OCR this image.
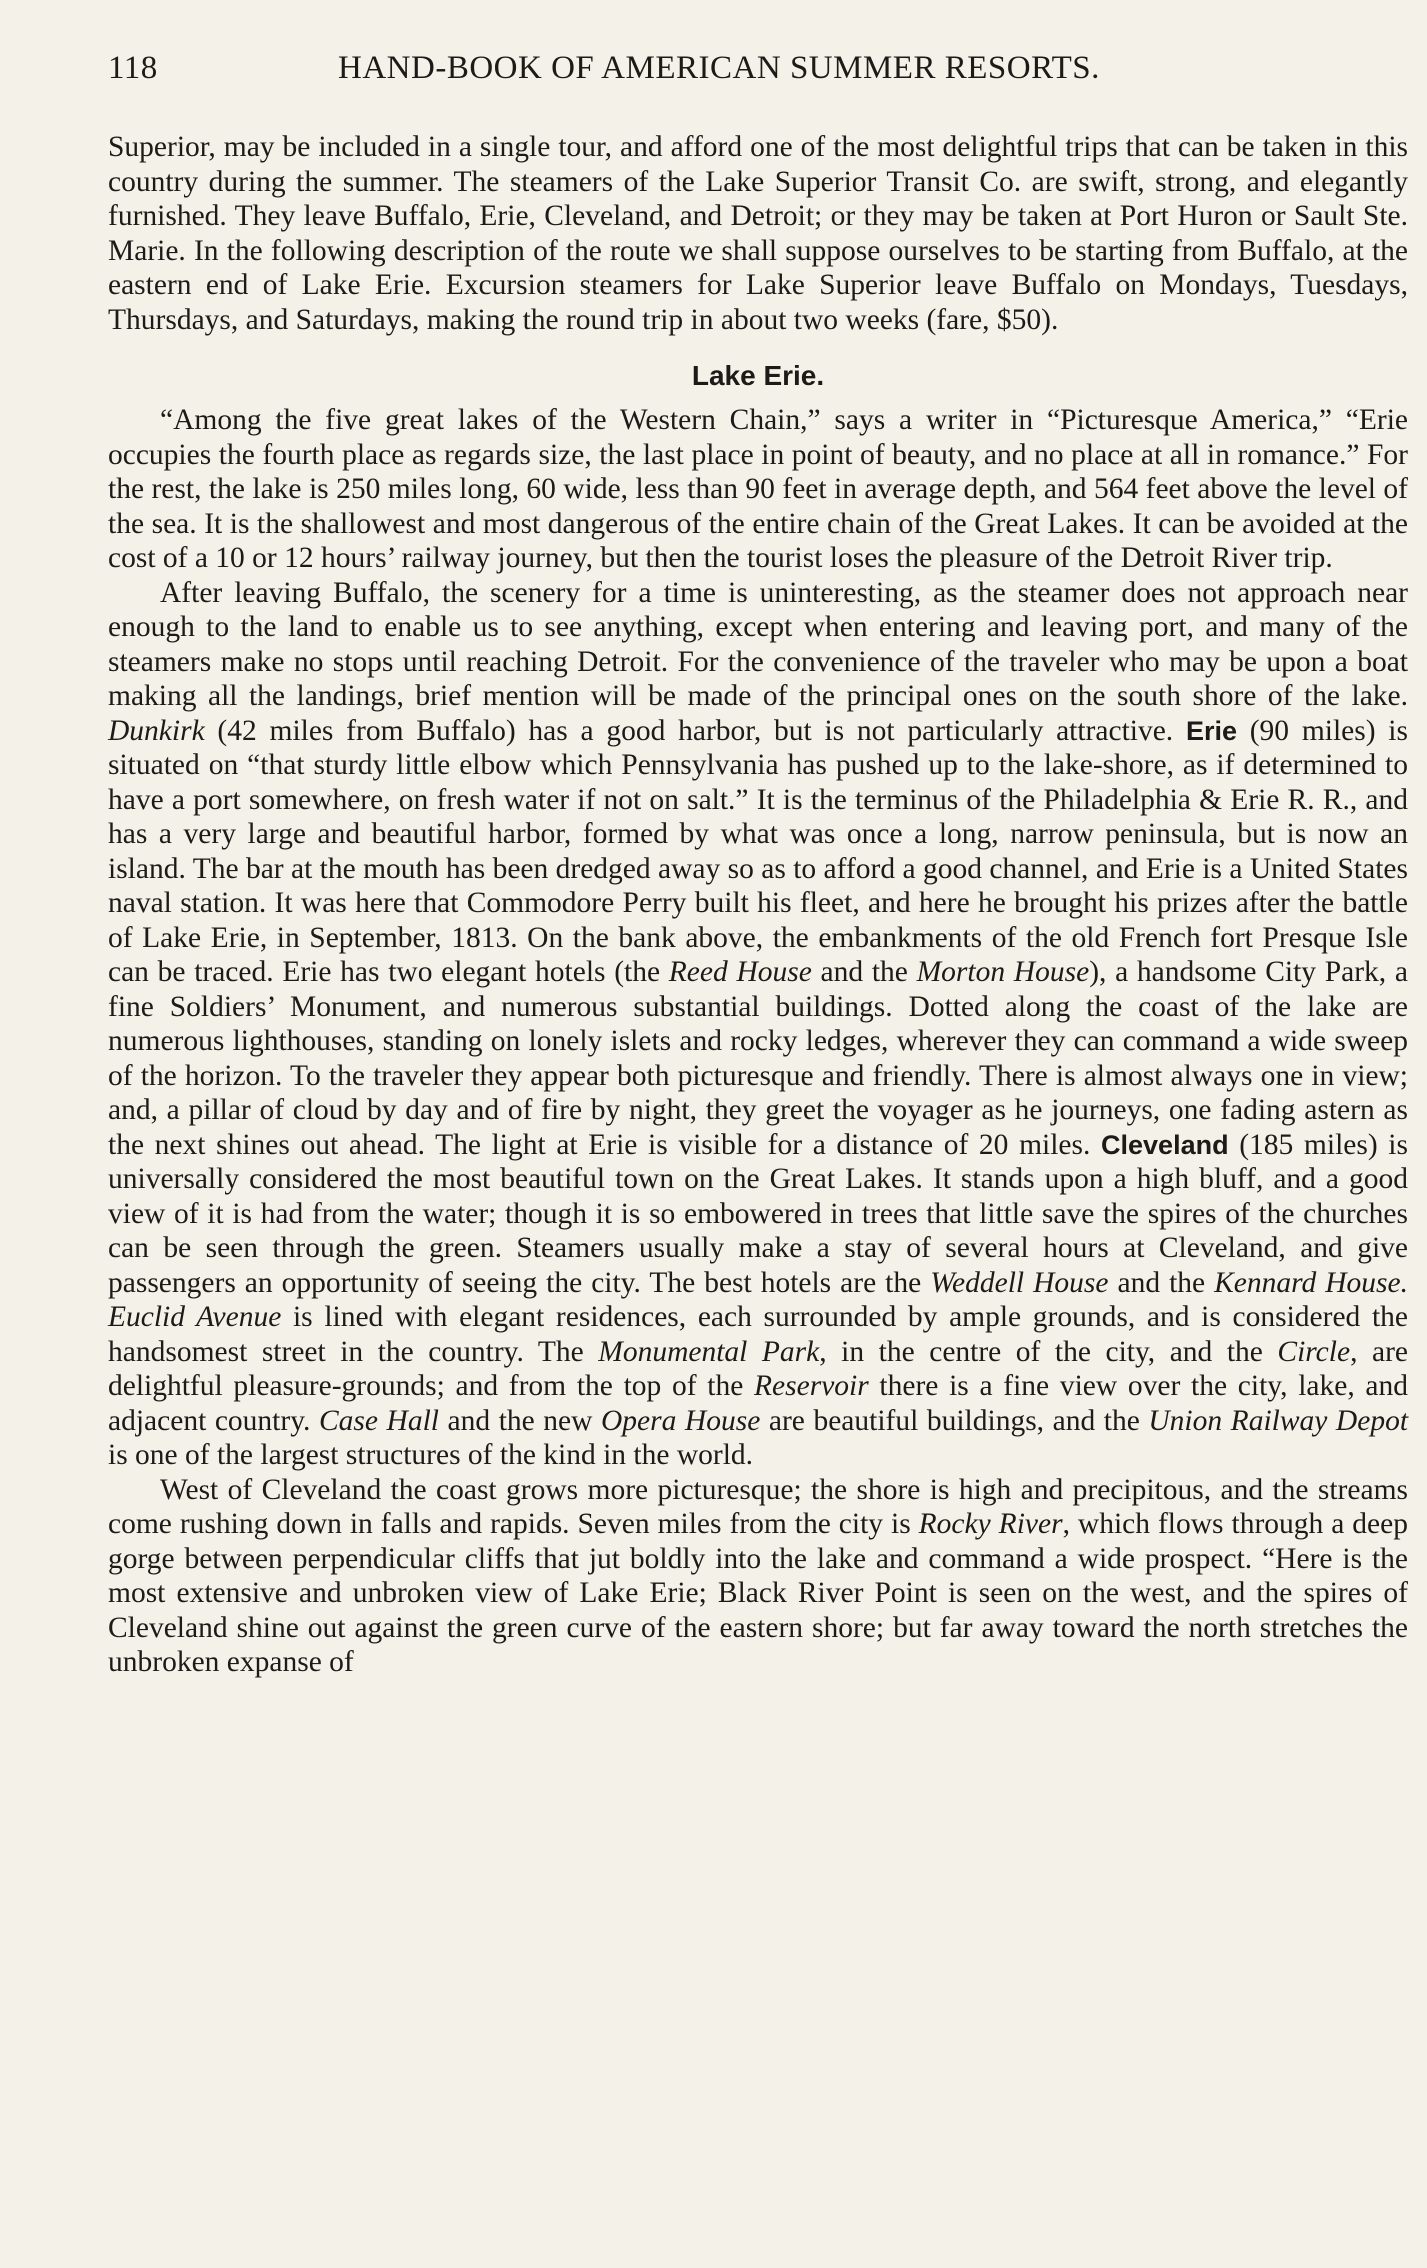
118	HAND-BOOK OF AMERICAN SUMMER RESORTS.

Superior, may be included in a single tour, and afford one of the most delightful trips that can be taken in this country during the summer. The steamers of the Lake Superior Transit Co. are swift, strong, and elegantly furnished. They leave Buffalo, Erie, Cleveland, and Detroit; or they may be taken at Port Huron or Sault Ste. Marie. In the following description of the route we shall suppose ourselves to be starting from Buffalo, at the eastern end of Lake Erie. Excursion steamers for Lake Superior leave Buffalo on Mondays, Tuesdays, Thursdays, and Saturdays, making the round trip in about two weeks (fare, $50).

Lake Erie.

“Among the five great lakes of the Western Chain,” says a writer in “Picturesque America,” “Erie occupies the fourth place as regards size, the last place in point of beauty, and no place at all in romance.” For the rest, the lake is 250 miles long, 60 wide, less than 90 feet in average depth, and 564 feet above the level of the sea. It is the shallowest and most dangerous of the entire chain of the Great Lakes. It can be avoided at the cost of a 10 or 12 hours’ railway journey, but then the tourist loses the pleasure of the Detroit River trip.

After leaving Buffalo, the scenery for a time is uninteresting, as the steamer does not approach near enough to the land to enable us to see anything, except when entering and leaving port, and many of the steamers make no stops until reaching Detroit. For the convenience of the traveler who may be upon a boat making all the landings, brief mention will be made of the principal ones on the south shore of the lake. Dunkirk (42 miles from Buffalo) has a good harbor, but is not particularly attractive. Erie (90 miles) is situated on “that sturdy little elbow which Pennsylvania has pushed up to the lake-shore, as if determined to have a port somewhere, on fresh water if not on salt.” It is the terminus of the Philadelphia & Erie R. R., and has a very large and beautiful harbor, formed by what was once a long, narrow peninsula, but is now an island. The bar at the mouth has been dredged away so as to afford a good channel, and Erie is a United States naval station. It was here that Commodore Perry built his fleet, and here he brought his prizes after the battle of Lake Erie, in September, 1813. On the bank above, the embankments of the old French fort Presque Isle can be traced. Erie has two elegant hotels (the Reed House and the Morton House), a handsome City Park, a fine Soldiers’ Monument, and numerous substantial buildings. Dotted along the coast of the lake are numerous lighthouses, standing on lonely islets and rocky ledges, wherever they can command a wide sweep of the horizon. To the traveler they appear both picturesque and friendly. There is almost always one in view; and, a pillar of cloud by day and of fire by night, they greet the voyager as he journeys, one fading astern as the next shines out ahead. The light at Erie is visible for a distance of 20 miles. Cleveland (185 miles) is universally considered the most beautiful town on the Great Lakes. It stands upon a high bluff, and a good view of it is had from the water; though it is so embowered in trees that little save the spires of the churches can be seen through the green. Steamers usually make a stay of several hours at Cleveland, and give passengers an opportunity of seeing the city. The best hotels are the Weddell House and the Kennard House. Euclid Avenue is lined with elegant residences, each surrounded by ample grounds, and is considered the handsomest street in the country. The Monumental Park, in the centre of the city, and the Circle, are delightful pleasure-grounds; and from the top of the Reservoir there is a fine view over the city, lake, and adjacent country. Case Hall and the new Opera House are beautiful buildings, and the Union Railway Depot is one of the largest structures of the kind in the world.

West of Cleveland the coast grows more picturesque; the shore is high and precipitous, and the streams come rushing down in falls and rapids. Seven miles from the city is Rocky River, which flows through a deep gorge between perpendicular cliffs that jut boldly into the lake and command a wide prospect. “Here is the most extensive and unbroken view of Lake Erie; Black River Point is seen on the west, and the spires of Cleveland shine out against the green curve of the eastern shore; but far away toward the north stretches the unbroken expanse of
